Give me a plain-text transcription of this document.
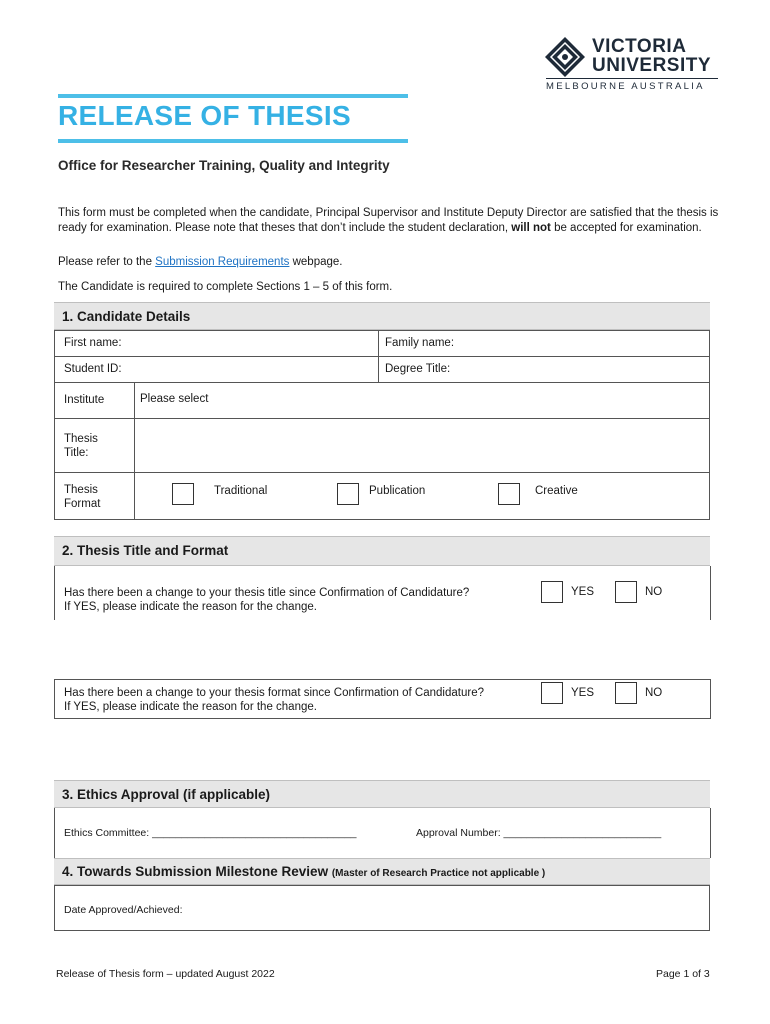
VICTORIA
UNIVERSITY
MELBOURNE AUSTRALIA
RELEASE OF THESIS
Office for Researcher Training, Quality and Integrity
This form must be completed when the candidate, Principal Supervisor and Institute Deputy Director are satisfied that the thesis is ready for examination. Please note that theses that don’t include the student declaration, will not be accepted for examination.
Please refer to the Submission Requirements webpage.
The Candidate is required to complete Sections 1 – 5 of this form.
1. Candidate Details
First name:	Family name:
Student ID:	Degree Title:
Institute	Please select
Thesis
Title:
Thesis
Format
Traditional	Publication	Creative
2. Thesis Title and Format
Has there been a change to your thesis title since Confirmation of Candidature?
If YES, please indicate the reason for the change.
YES	NO
Has there been a change to your thesis format since Confirmation of Candidature?
If YES, please indicate the reason for the change.
YES	NO
3. Ethics Approval (if applicable)
Ethics Committee: ___________________________________	Approval Number: ___________________________
4. Towards Submission Milestone Review (Master of Research Practice not applicable )
Date Approved/Achieved:
Release of Thesis form – updated August 2022	Page 1 of 3
